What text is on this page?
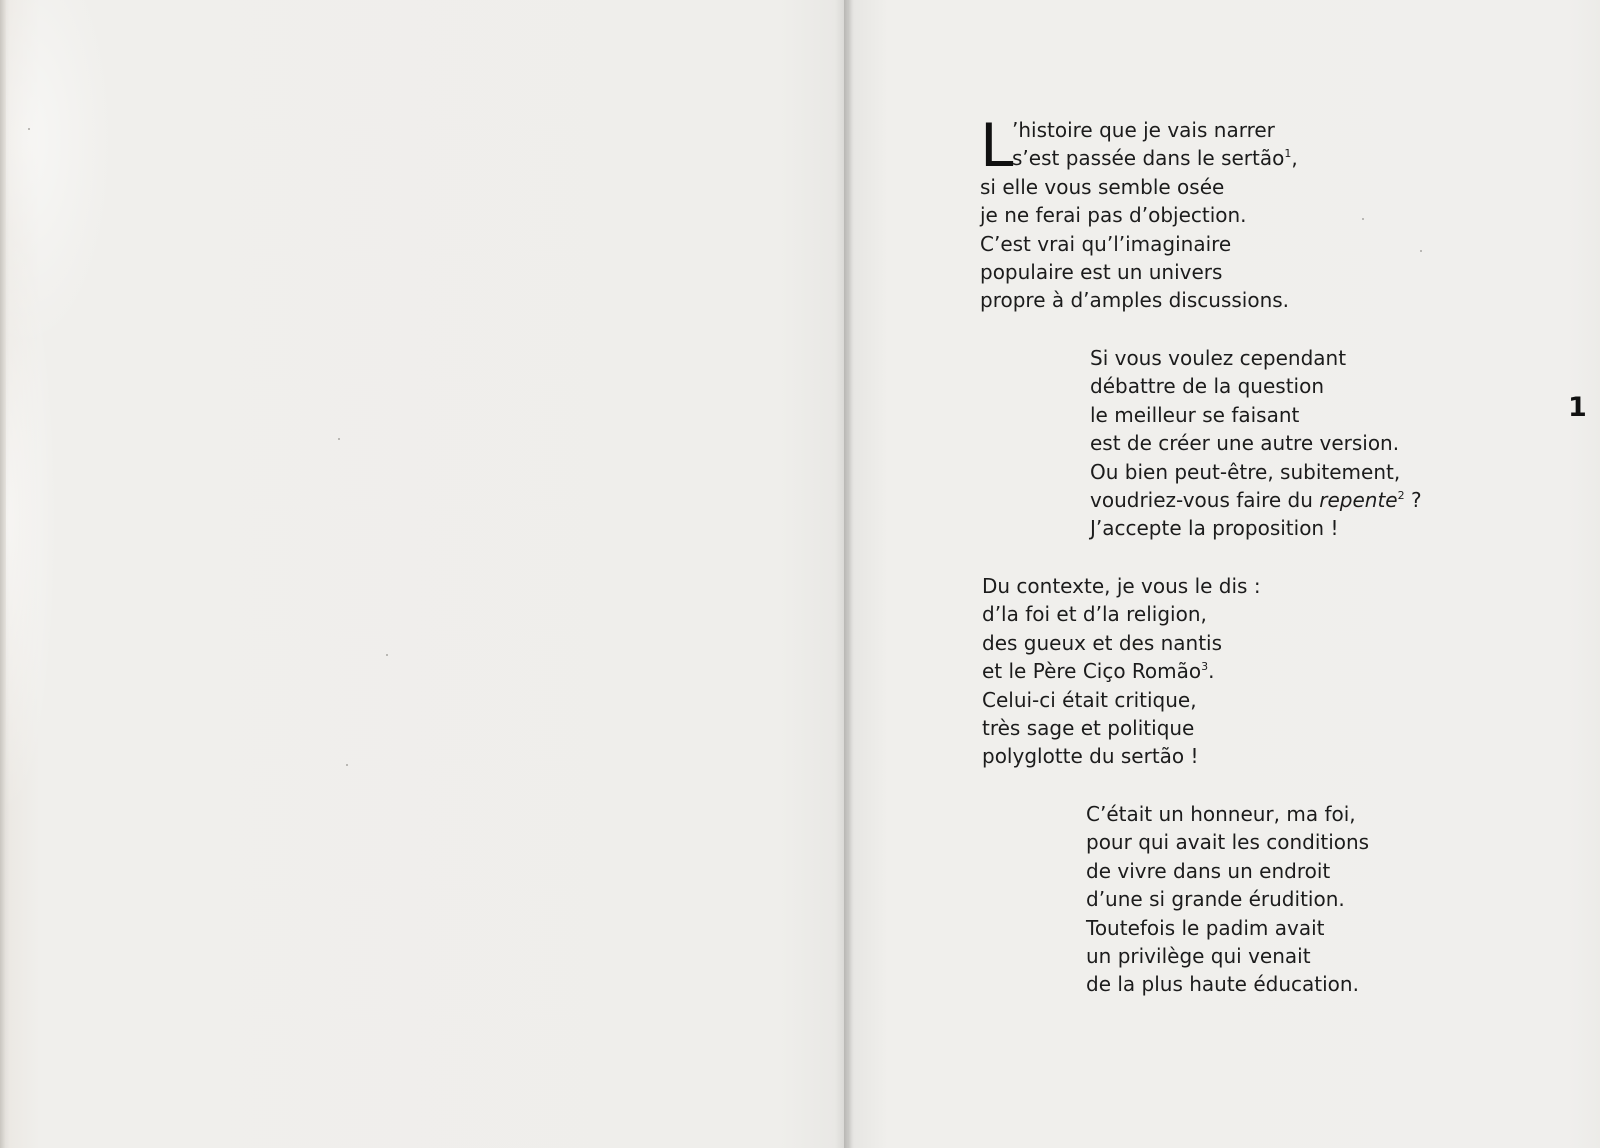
L
’histoire que je vais narrer
s’est passée dans le sertão$^1$,
si elle vous semble osée
je ne ferai pas d’objection.
C’est vrai qu’l’imaginaire
populaire est un univers
propre à d’amples discussions.
Si vous voulez cependant
débattre de la question
le meilleur se faisant
est de créer une autre version.
Ou bien peut-être, subitement,
voudriez-vous faire du repente$^2$ ?
J’accepte la proposition !
Du contexte, je vous le dis :
d’la foi et d’la religion,
des gueux et des nantis
et le Père Ciço Romão$^3$.
Celui-ci était critique,
très sage et politique
polyglotte du sertão !
C’était un honneur, ma foi,
pour qui avait les conditions
de vivre dans un endroit
d’une si grande érudition.
Toutefois le padim avait
un privilège qui venait
de la plus haute éducation.
1
